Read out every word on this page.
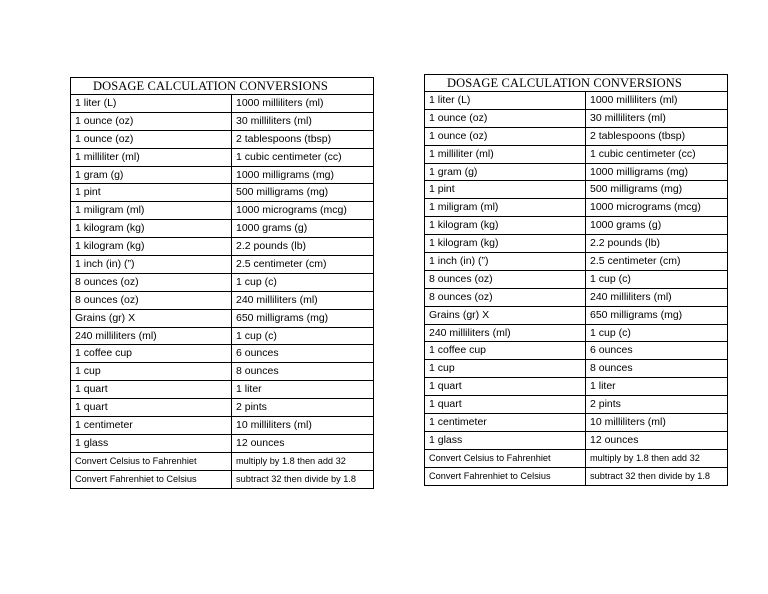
DOSAGE CALCULATION CONVERSIONS
1 liter (L)	1000 milliliters (ml)
1 ounce (oz)	30 milliliters (ml)
1 ounce (oz)	2 tablespoons (tbsp)
1 milliliter (ml)	1 cubic centimeter (cc)
1 gram (g)	1000 milligrams (mg)
1 pint	500 milligrams (mg)
1 miligram (ml)	1000 micrograms (mcg)
1 kilogram (kg)	1000 grams (g)
1 kilogram (kg)	2.2 pounds (lb)
1 inch (in) (”)	2.5 centimeter (cm)
8 ounces (oz)	1 cup (c)
8 ounces (oz)	240 milliliters (ml)
Grains (gr) X	650 milligrams (mg)
240 milliliters (ml)	1 cup (c)
1 coffee cup	6 ounces
1 cup	8 ounces
1 quart	1 liter
1 quart	2 pints
1 centimeter	10 milliliters (ml)
1 glass	12 ounces
Convert Celsius to Fahrenhiet	multiply by 1.8 then add 32
Convert Fahrenhiet to Celsius	subtract 32 then divide by 1.8
DOSAGE CALCULATION CONVERSIONS
1 liter (L)	1000 milliliters (ml)
1 ounce (oz)	30 milliliters (ml)
1 ounce (oz)	2 tablespoons (tbsp)
1 milliliter (ml)	1 cubic centimeter (cc)
1 gram (g)	1000 milligrams (mg)
1 pint	500 milligrams (mg)
1 miligram (ml)	1000 micrograms (mcg)
1 kilogram (kg)	1000 grams (g)
1 kilogram (kg)	2.2 pounds (lb)
1 inch (in) (”)	2.5 centimeter (cm)
8 ounces (oz)	1 cup (c)
8 ounces (oz)	240 milliliters (ml)
Grains (gr) X	650 milligrams (mg)
240 milliliters (ml)	1 cup (c)
1 coffee cup	6 ounces
1 cup	8 ounces
1 quart	1 liter
1 quart	2 pints
1 centimeter	10 milliliters (ml)
1 glass	12 ounces
Convert Celsius to Fahrenhiet	multiply by 1.8 then add 32
Convert Fahrenhiet to Celsius	subtract 32 then divide by 1.8
